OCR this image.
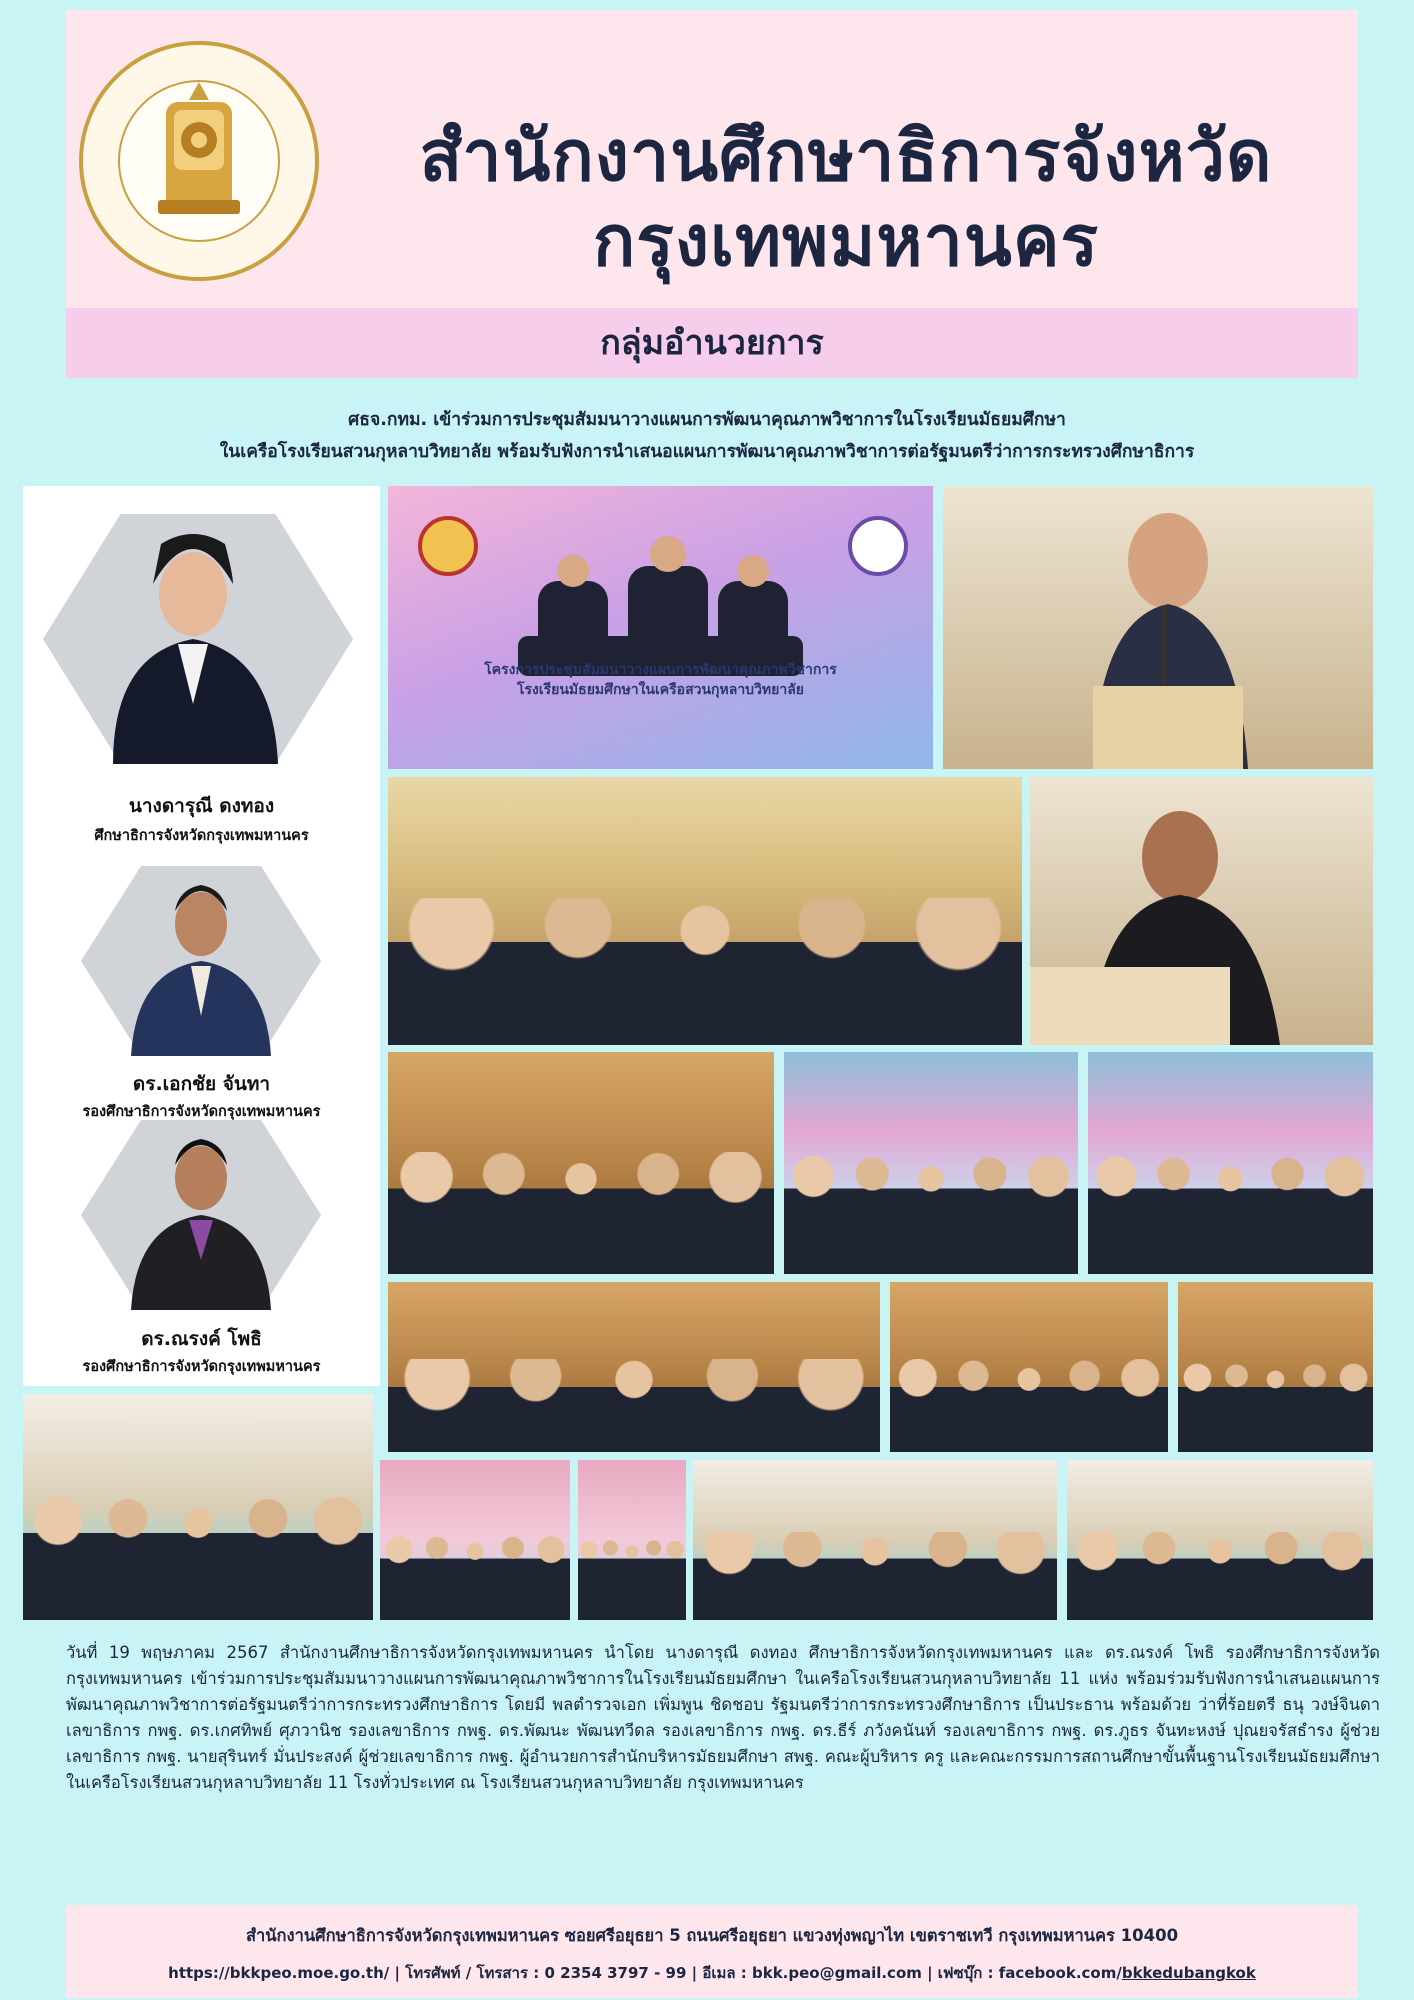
สำนักงานศึกษาธิการจังหวัด
กรุงเทพมหานคร
กลุ่มอำนวยการ
ศธจ.กทม. เข้าร่วมการประชุมสัมมนาวางแผนการพัฒนาคุณภาพวิชาการในโรงเรียนมัธยมศึกษา
ในเครือโรงเรียนสวนกุหลาบวิทยาลัย พร้อมรับฟังการนำเสนอแผนการพัฒนาคุณภาพวิชาการต่อรัฐมนตรีว่าการกระทรวงศึกษาธิการ
นางดารุณี ดงทอง
ศึกษาธิการจังหวัดกรุงเทพมหานคร
ดร.เอกชัย จันทา
รองศึกษาธิการจังหวัดกรุงเทพมหานคร
ดร.ณรงค์ โพธิ
รองศึกษาธิการจังหวัดกรุงเทพมหานคร
โครงการประชุมสัมมนาวางแผนการพัฒนาคุณภาพวิชาการ
โรงเรียนมัธยมศึกษาในเครือสวนกุหลาบวิทยาลัย
วันที่ 19 พฤษภาคม 2567 สำนักงานศึกษาธิการจังหวัดกรุงเทพมหานคร นำโดย นางดารุณี ดงทอง ศึกษาธิการจังหวัดกรุงเทพมหานคร และ ดร.ณรงค์ โพธิ รองศึกษาธิการจังหวัดกรุงเทพมหานคร เข้าร่วมการประชุมสัมมนาวางแผนการพัฒนาคุณภาพวิชาการในโรงเรียนมัธยมศึกษา ในเครือโรงเรียนสวนกุหลาบวิทยาลัย 11 แห่ง พร้อมร่วมรับฟังการนำเสนอแผนการพัฒนาคุณภาพวิชาการต่อรัฐมนตรีว่าการกระทรวงศึกษาธิการ โดยมี พลตำรวจเอก เพิ่มพูน ชิดชอบ รัฐมนตรีว่าการกระทรวงศึกษาธิการ เป็นประธาน พร้อมด้วย ว่าที่ร้อยตรี ธนุ วงษ์จินดา เลขาธิการ กพฐ. ดร.เกศทิพย์ ศุภวานิช รองเลขาธิการ กพฐ. ดร.พัฒนะ พัฒนทวีดล รองเลขาธิการ กพฐ. ดร.ธีร์ ภวังคนันท์ รองเลขาธิการ กพฐ. ดร.ภูธร จันทะหงษ์ ปุณยจรัสธำรง ผู้ช่วยเลขาธิการ กพฐ. นายสุรินทร์ มั่นประสงค์ ผู้ช่วยเลขาธิการ กพฐ. ผู้อำนวยการสำนักบริหารมัธยมศึกษา สพฐ. คณะผู้บริหาร ครู และคณะกรรมการสถานศึกษาขั้นพื้นฐานโรงเรียนมัธยมศึกษาในเครือโรงเรียนสวนกุหลาบวิทยาลัย 11 โรงทั่วประเทศ ณ โรงเรียนสวนกุหลาบวิทยาลัย กรุงเทพมหานคร
สำนักงานศึกษาธิการจังหวัดกรุงเทพมหานคร ซอยศรีอยุธยา 5 ถนนศรีอยุธยา แขวงทุ่งพญาไท เขตราชเทวี กรุงเทพมหานคร 10400
https://bkkpeo.moe.go.th/ | โทรศัพท์ / โทรสาร : 0 2354 3797 - 99 | อีเมล : bkk.peo@gmail.com | เฟซบุ๊ก : facebook.com/bkkedubangkok
